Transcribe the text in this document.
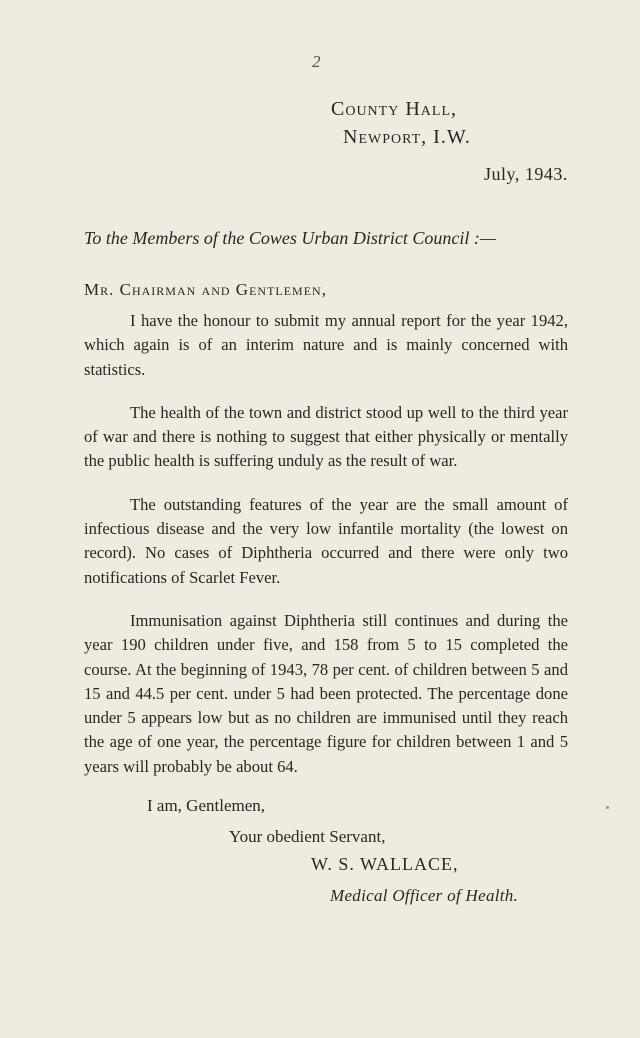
2
County Hall,
Newport, I.W.
July, 1943.
To the Members of the Cowes Urban District Council :—
Mr. Chairman and Gentlemen,

I have the honour to submit my annual report for the year 1942, which again is of an interim nature and is mainly concerned with statistics.

The health of the town and district stood up well to the third year of war and there is nothing to suggest that either physically or mentally the public health is suffering unduly as the result of war.

The outstanding features of the year are the small amount of infectious disease and the very low infantile mortality (the lowest on record). No cases of Diphtheria occurred and there were only two notifications of Scarlet Fever.

Immunisation against Diphtheria still continues and during the year 190 children under five, and 158 from 5 to 15 completed the course. At the beginning of 1943, 78 per cent. of children between 5 and 15 and 44.5 per cent. under 5 had been protected. The percentage done under 5 appears low but as no children are immunised until they reach the age of one year, the percentage figure for children between 1 and 5 years will probably be about 64.

I am, Gentlemen,
Your obedient Servant,
W. S. WALLACE,
Medical Officer of Health.
